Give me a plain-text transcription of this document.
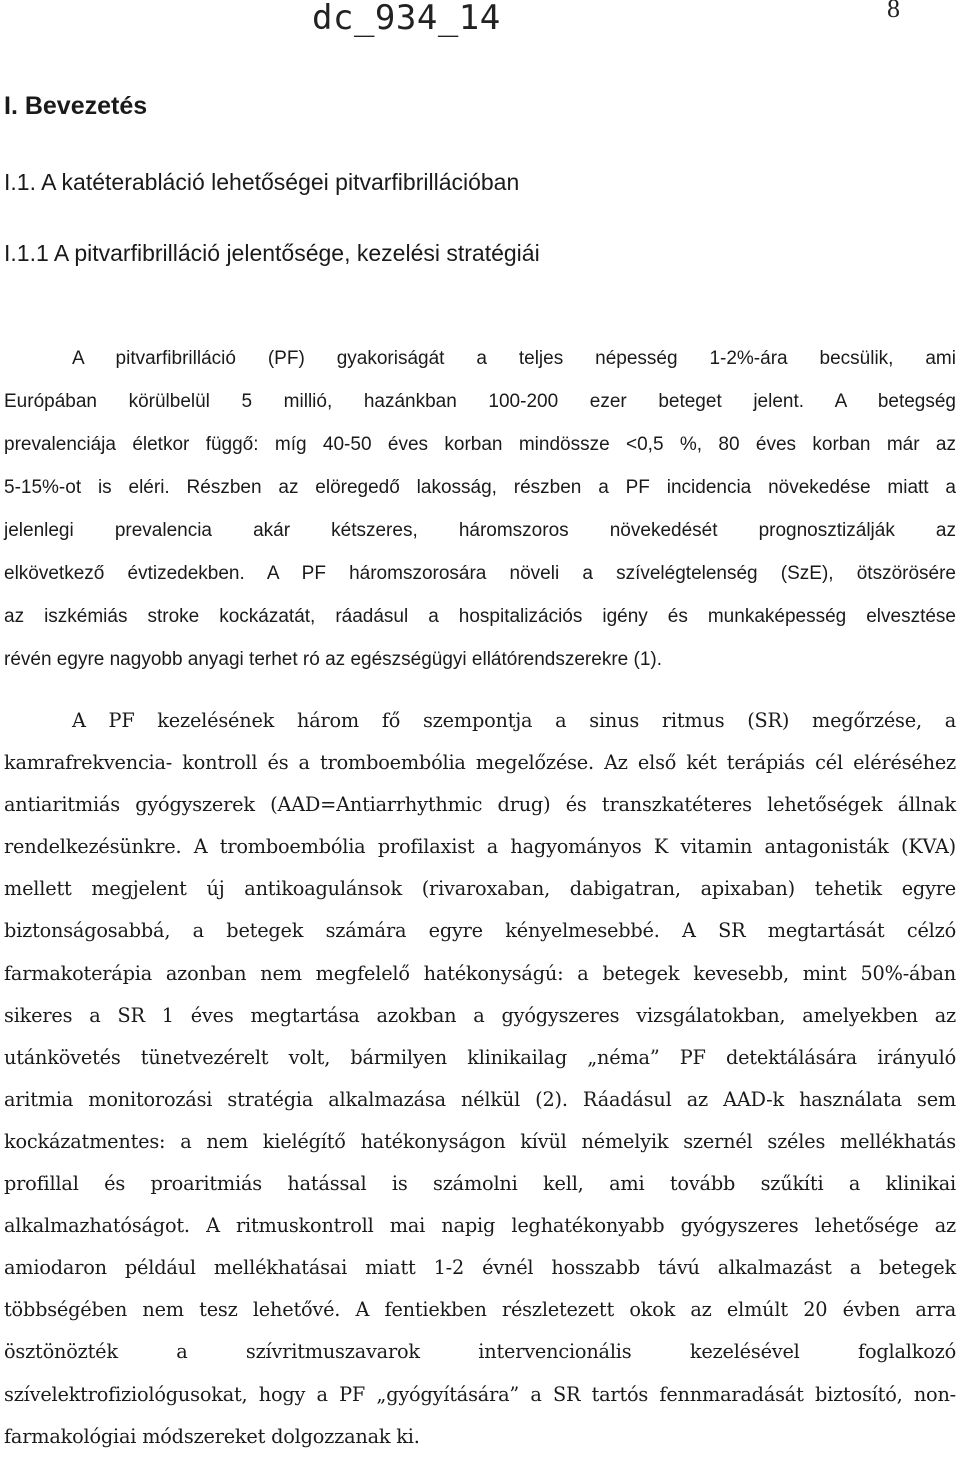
dc_934_14	8
I. Bevezetés
I.1. A katéterabláció lehetőségei pitvarfibrillációban
I.1.1 A pitvarfibrilláció jelentősége, kezelési stratégiái
A pitvarfibrilláció (PF) gyakoriságát a teljes népesség 1-2%-ára becsülik, ami
Európában körülbelül 5 millió, hazánkban 100-200 ezer beteget jelent. A betegség
prevalenciája életkor függő: míg 40-50 éves korban mindössze <0,5 %, 80 éves korban már az
5-15%-ot is eléri. Részben az elöregedő lakosság, részben a PF incidencia növekedése miatt a
jelenlegi prevalencia akár kétszeres, háromszoros növekedését prognosztizálják az
elkövetkező évtizedekben. A PF háromszorosára növeli a szívelégtelenség (SzE), ötszörösére
az iszkémiás stroke kockázatát, ráadásul a hospitalizációs igény és munkaképesség elvesztése
révén egyre nagyobb anyagi terhet ró az egészségügyi ellátórendszerekre (1).
A PF kezelésének három fő szempontja a sinus ritmus (SR) megőrzése, a
kamrafrekvencia- kontroll és a tromboembólia megelőzése. Az első két terápiás cél eléréséhez
antiaritmiás gyógyszerek (AAD=Antiarrhythmic drug) és transzkatéteres lehetőségek állnak
rendelkezésünkre. A tromboembólia profilaxist a hagyományos K vitamin antagonisták (KVA)
mellett megjelent új antikoagulánsok (rivaroxaban, dabigatran, apixaban) tehetik egyre
biztonságosabbá, a betegek számára egyre kényelmesebbé. A SR megtartását célzó
farmakoterápia azonban nem megfelelő hatékonyságú: a betegek kevesebb, mint 50%-ában
sikeres a SR 1 éves megtartása azokban a gyógyszeres vizsgálatokban, amelyekben az
utánkövetés tünetvezérelt volt, bármilyen klinikailag „néma” PF detektálására irányuló
aritmia monitorozási stratégia alkalmazása nélkül (2). Ráadásul az AAD-k használata sem
kockázatmentes: a nem kielégítő hatékonyságon kívül némelyik szernél széles mellékhatás
profillal és proaritmiás hatással is számolni kell, ami tovább szűkíti a klinikai
alkalmazhatóságot. A ritmuskontroll mai napig leghatékonyabb gyógyszeres lehetősége az
amiodaron például mellékhatásai miatt 1-2 évnél hosszabb távú alkalmazást a betegek
többségében nem tesz lehetővé. A fentiekben részletezett okok az elmúlt 20 évben arra
ösztönözték a szívritmuszavarok intervencionális kezelésével foglalkozó
szívelektrofiziológusokat, hogy a PF „gyógyítására” a SR tartós fennmaradását biztosító, non-
farmakológiai módszereket dolgozzanak ki.
